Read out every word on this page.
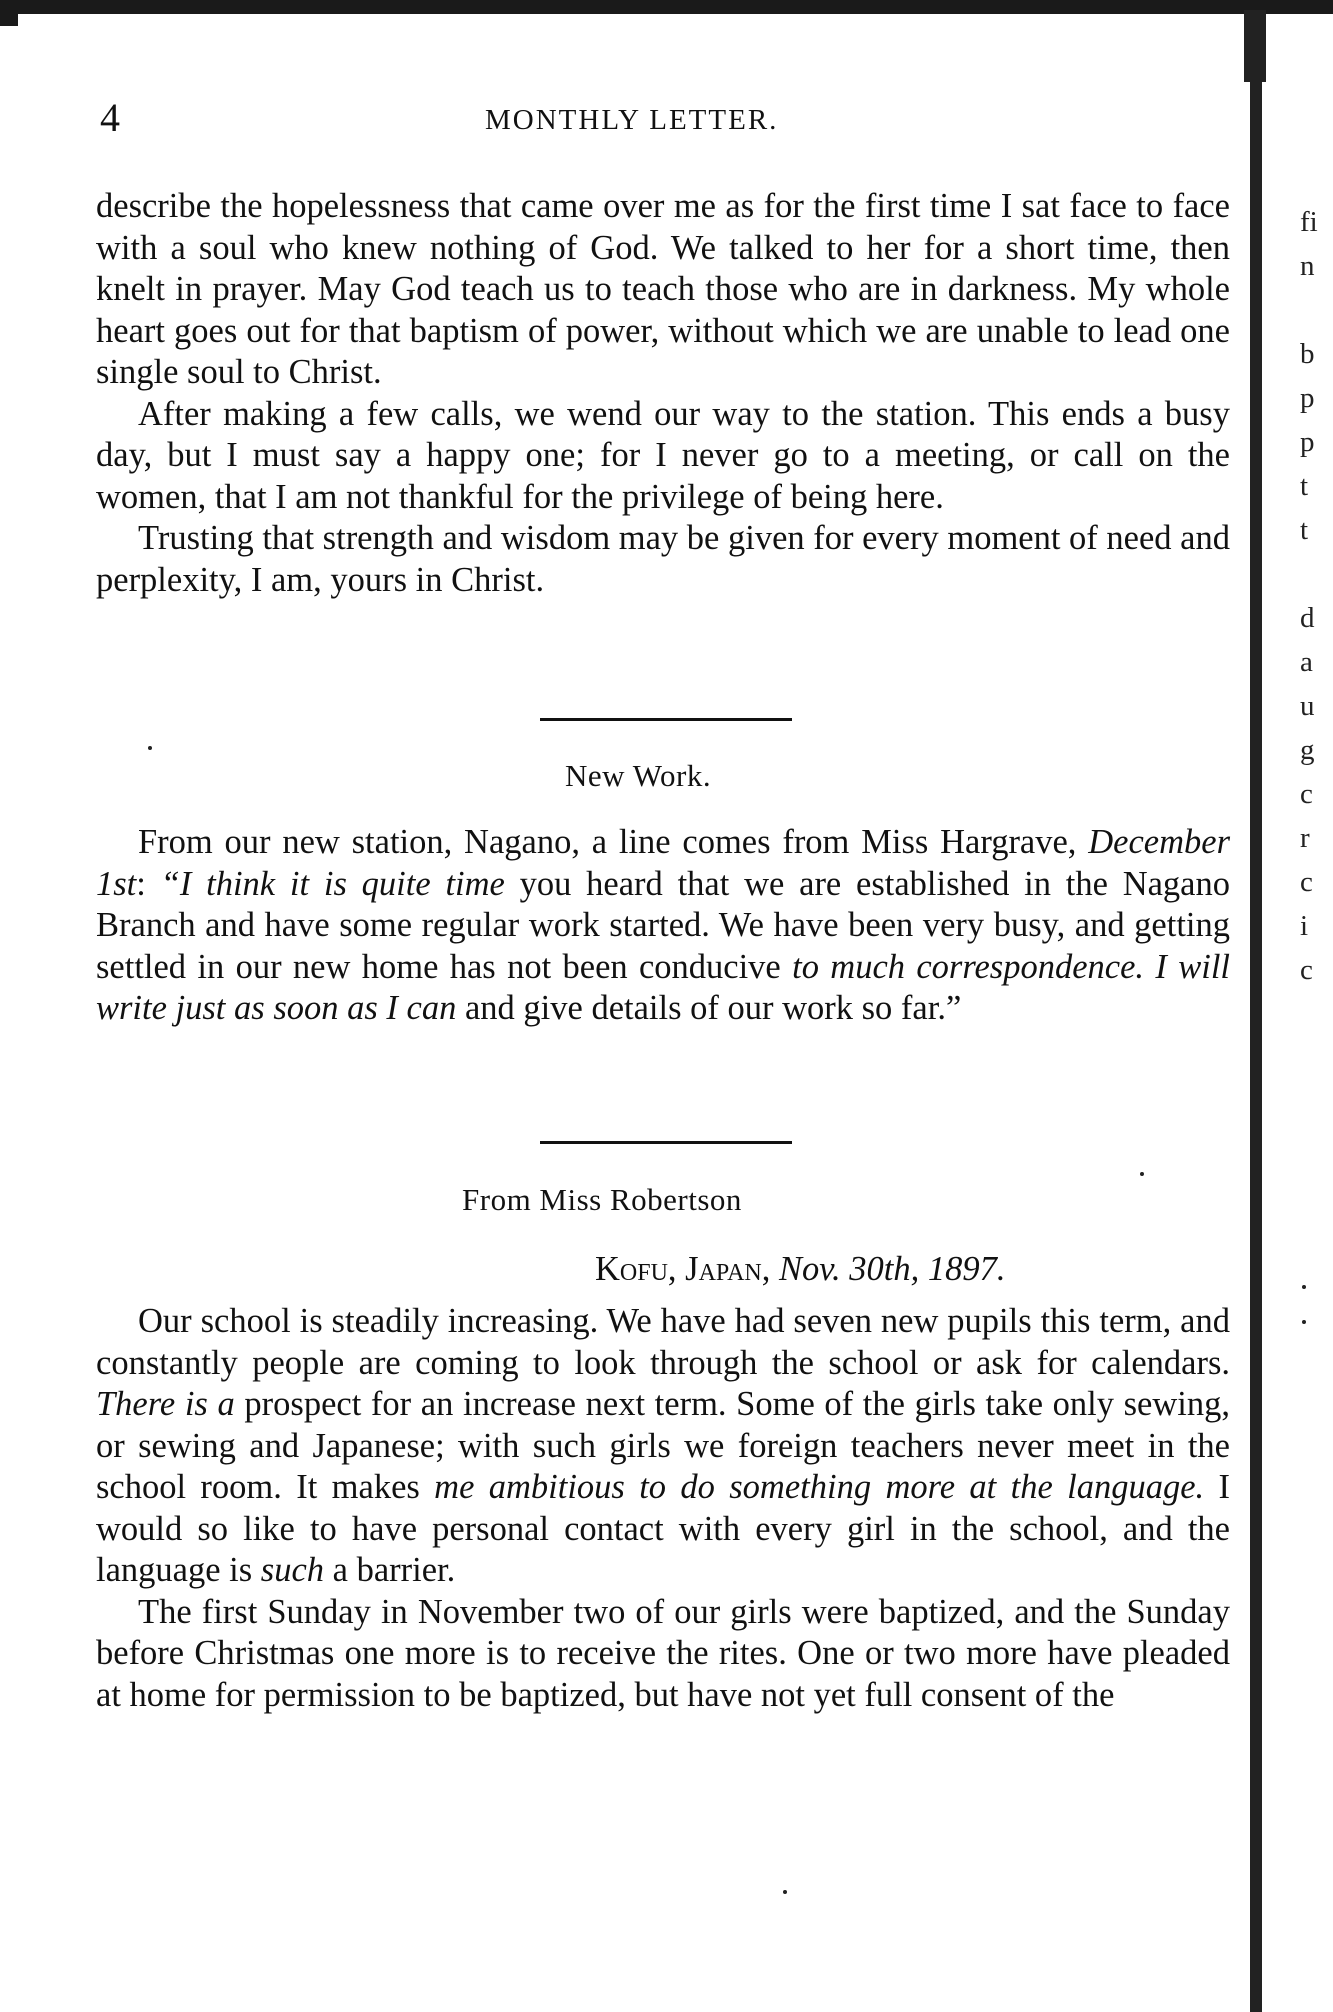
4	MONTHLY LETTER.

describe the hopelessness that came over me as for the first time I sat face to face with a soul who knew nothing of God. We talked to her for a short time, then knelt in prayer. May God teach us to teach those who are in darkness. My whole heart goes out for that baptism of power, without which we are unable to lead one single soul to Christ.

After making a few calls, we wend our way to the station. This ends a busy day, but I must say a happy one; for I never go to a meeting, or call on the women, that I am not thankful for the privilege of being here.

Trusting that strength and wisdom may be given for every moment of need and perplexity, I am, yours in Christ.

New Work.

From our new station, Nagano, a line comes from Miss Hargrave, December 1st: “I think it is quite time you heard that we are established in the Nagano Branch and have some regular work started. We have been very busy, and getting settled in our new home has not been conducive to much correspondence. I will write just as soon as I can and give details of our work so far.”

From Miss Robertson
Kofu, Japan, Nov. 30th, 1897.

Our school is steadily increasing. We have had seven new pupils this term, and constantly people are coming to look through the school or ask for calendars. There is a prospect for an increase next term. Some of the girls take only sewing, or sewing and Japanese; with such girls we foreign teachers never meet in the school room. It makes me ambitious to do something more at the language. I would so like to have personal contact with every girl in the school, and the language is such a barrier.

The first Sunday in November two of our girls were baptized, and the Sunday before Christmas one more is to receive the rites. One or two more have pleaded at home for permission to be baptized, but have not yet full consent of the

fi
n
b
p
p
t
t
d
a
u
g
c
r
c
i
c
